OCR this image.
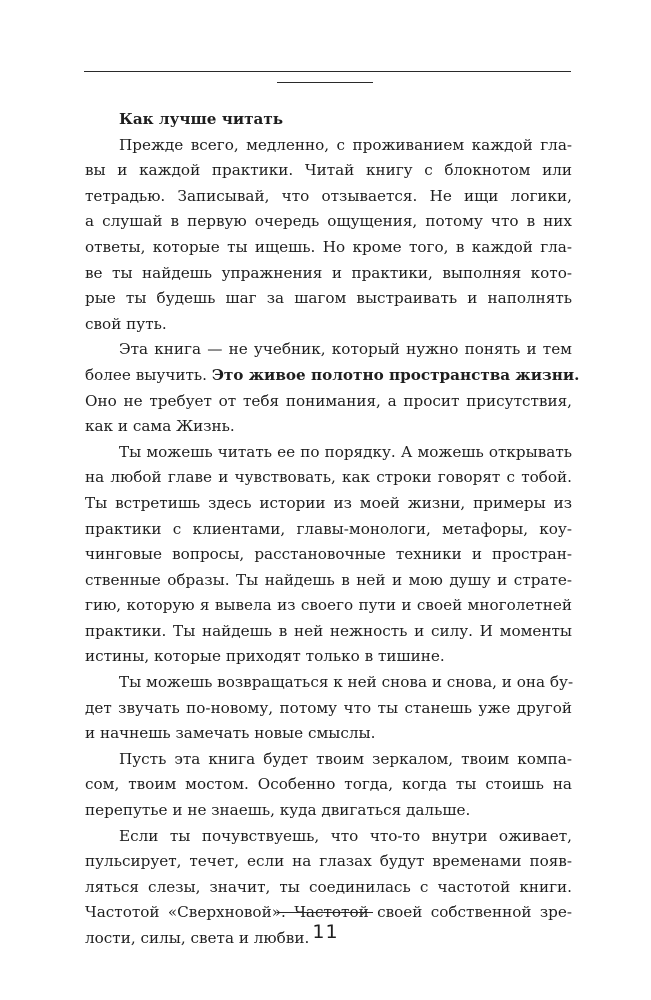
Как лучше читать
Прежде всего, медленно, с проживанием каждой гла-
вы и каждой практики. Читай книгу с блокнотом или
тетрадью. Записывай, что отзывается. Не ищи логики,
а слушай в первую очередь ощущения, потому что в них
ответы, которые ты ищешь. Но кроме того, в каждой гла-
ве ты найдешь упражнения и практики, выполняя кото-
рые ты будешь шаг за шагом выстраивать и наполнять
свой путь.
Эта книга — не учебник, который нужно понять и тем
более выучить. Это живое полотно пространства жизни.
Оно не требует от тебя понимания, а просит присутствия,
как и сама Жизнь.
Ты можешь читать ее по порядку. А можешь открывать
на любой главе и чувствовать, как строки говорят с тобой.
Ты встретишь здесь истории из моей жизни, примеры из
практики с клиентами, главы-монологи, метафоры, коу-
чинговые вопросы, расстановочные техники и простран-
ственные образы. Ты найдешь в ней и мою душу и страте-
гию, которую я вывела из своего пути и своей многолетней
практики. Ты найдешь в ней нежность и силу. И моменты
истины, которые приходят только в тишине.
Ты можешь возвращаться к ней снова и снова, и она бу-
дет звучать по-новому, потому что ты станешь уже другой
и начнешь замечать новые смыслы.
Пусть эта книга будет твоим зеркалом, твоим компа-
сом, твоим мостом. Особенно тогда, когда ты стоишь на
перепутье и не знаешь, куда двигаться дальше.
Если ты почувствуешь, что что-то внутри оживает,
пульсирует, течет, если на глазах будут временами появ-
ляться слезы, значит, ты соединилась с частотой книги.
Частотой «Сверхновой». Частотой своей собственной зре-
лости, силы, света и любви. 11
